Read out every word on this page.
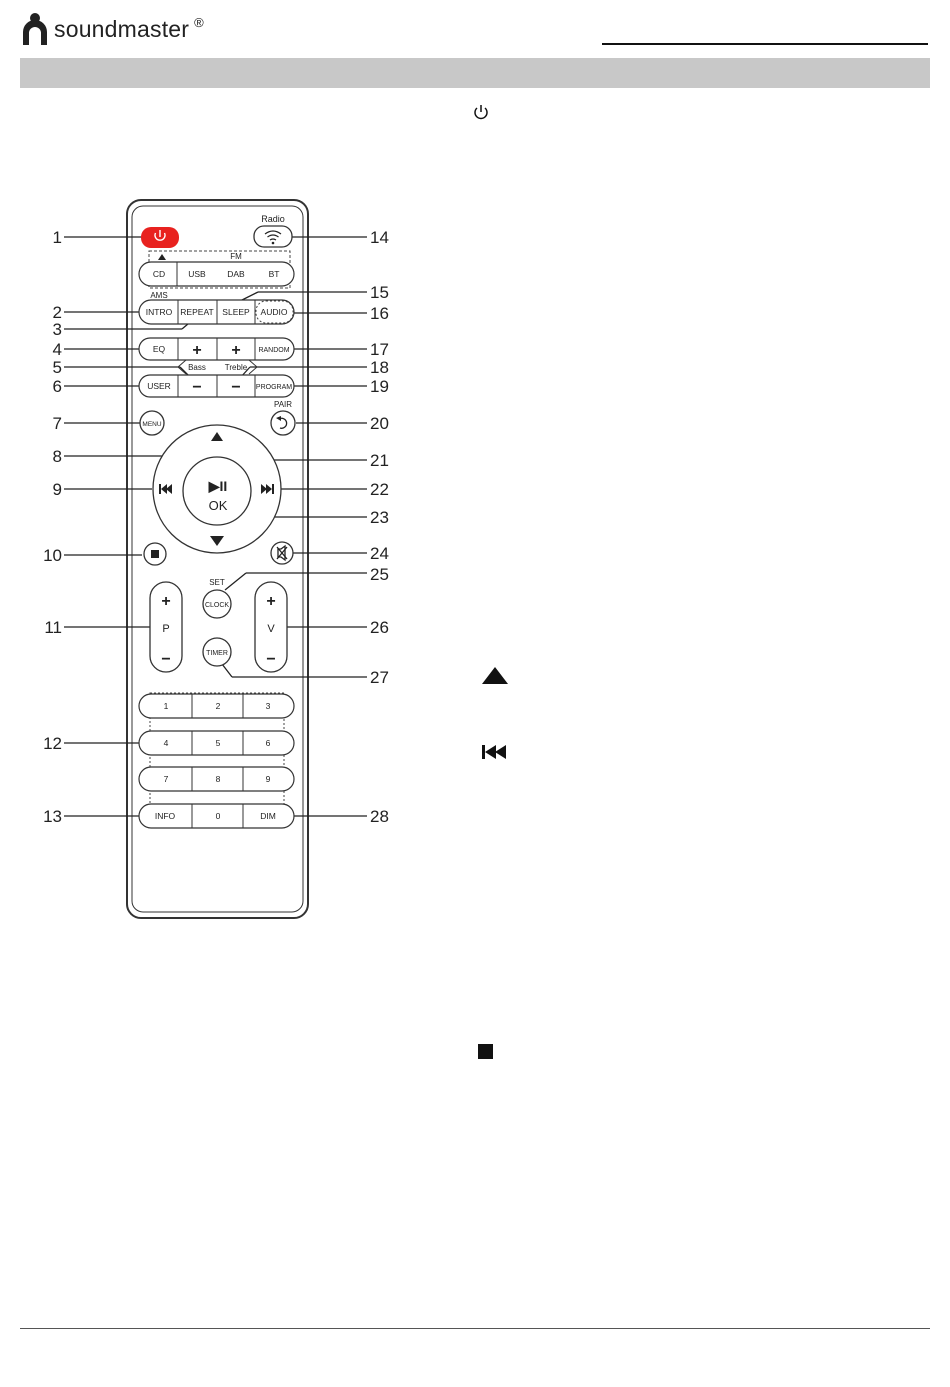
soundmaster ®
1
2
3
4
5
6
7
8
9
10
11
12
13
14
15
16
17
18
19
20
21
22
23
24
25
26
27
28
Radio
FM
CD	USB	DAB	BT
AMS
INTRO REPEAT SLEEP AUDIO
EQ + +	RANDOM
Bass Treble
USER − − PROGRAM
MENU
PAIR
▶II
OK
+
P
−
+
V
−
SET
CLOCK
TIMER
1	2	3
4	5	6
7	8	9
INFO	0	DIM
